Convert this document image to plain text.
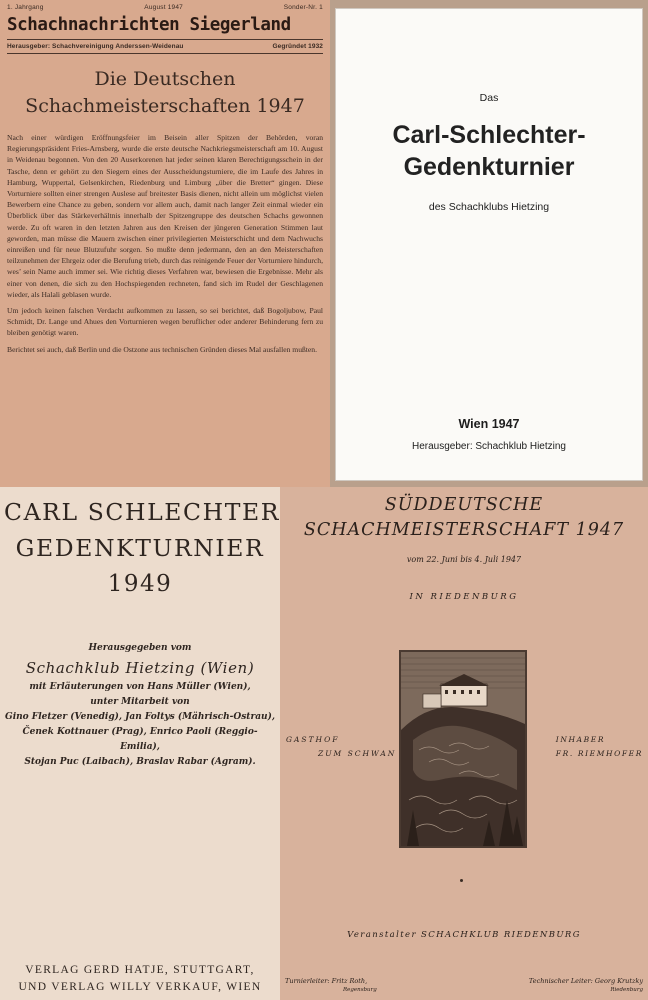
1. Jahrgang	August 1947	Sonder-Nr. 1
Schachnachrichten Siegerland
Herausgeber: Schachvereinigung Anderssen-Weidenau	Gegründet 1932
Die Deutschen
Schachmeisterschaften 1947

Nach einer würdigen Eröffnungsfeier im Beisein aller Spitzen der Behörden, voran Regierungspräsident Fries-Arnsberg, wurde die erste deutsche Nachkriegsmeisterschaft am 10. August in Weidenau begonnen. Von den 20 Auserkorenen hat jeder seinen klaren Berechtigungsschein in der Tasche, denn er gehört zu den Siegern eines der Ausscheidungsturniere, die im Laufe des Jahres in Hamburg, Wuppertal, Gelsenkirchen, Riedenburg und Limburg „über die Bretter“ gingen. Diese Vorturniere sollten einer strengen Auslese auf breitester Basis dienen, nicht allein um möglichst vielen Bewerbern eine Chance zu geben, sondern vor allem auch, damit nach langer Zeit einmal wieder ein Überblick über das Stärkeverhältnis innerhalb der Spitzengruppe des deutschen Schachs gewonnen werde. Zu oft waren in den letzten Jahren aus den Kreisen der jüngeren Generation Stimmen laut geworden, man müsse die Mauern zwischen einer privilegierten Meisterschicht und dem Nachwuchs einreißen und für neue Blutzufuhr sorgen. So mußte denn jedermann, den an den Meisterschaften teilzunehmen der Ehrgeiz oder die Berufung trieb, durch das reinigende Feuer der Vorturniere hindurch, wes’ sein Name auch immer sei. Wie richtig dieses Verfahren war, bewiesen die Ergebnisse. Mehr als einer von denen, die sich zu den Hochspiegenden rechneten, fand sich im Rudel der Geschlagenen wieder, als Halali geblasen wurde.

Um jedoch keinen falschen Verdacht aufkommen zu lassen, so sei berichtet, daß Bogoljubow, Paul Schmidt, Dr. Lange und Ahues den Vorturnieren wegen beruflicher oder anderer Behinderung fern zu bleiben genötigt waren.

Berichtet sei auch, daß Berlin und die Ostzone aus technischen Gründen dieses Mal ausfallen mußten.

Das
Carl-Schlechter-
Gedenkturnier
des Schachklubs Hietzing
Wien 1947
Herausgeber: Schachklub Hietzing
CARL SCHLECHTER
GEDENKTURNIER
1949
Herausgegeben vom
Schachklub Hietzing (Wien)
mit Erläuterungen von Hans Müller (Wien),
unter Mitarbeit von
Gino Fletzer (Venedig), Jan Foltys (Mährisch-Ostrau),
Čenek Kottnauer (Prag), Enrico Paoli (Reggio-Emilia),
Stojan Puc (Laibach), Braslav Rabar (Agram).
VERLAG GERD HATJE, STUTTGART,
UND VERLAG WILLY VERKAUF, WIEN
SÜDDEUTSCHE
SCHACHMEISTERSCHAFT 1947
vom 22. Juni bis 4. Juli 1947
IN RIEDENBURG
GASTHOF
ZUM SCHWAN
INHABER
FR. RIEMHOFER
Veranstalter SCHACHKLUB RIEDENBURG
Turnierleiter: Fritz Roth,
Regensburg
Technischer Leiter: Georg Krutzky
Riedenburg
